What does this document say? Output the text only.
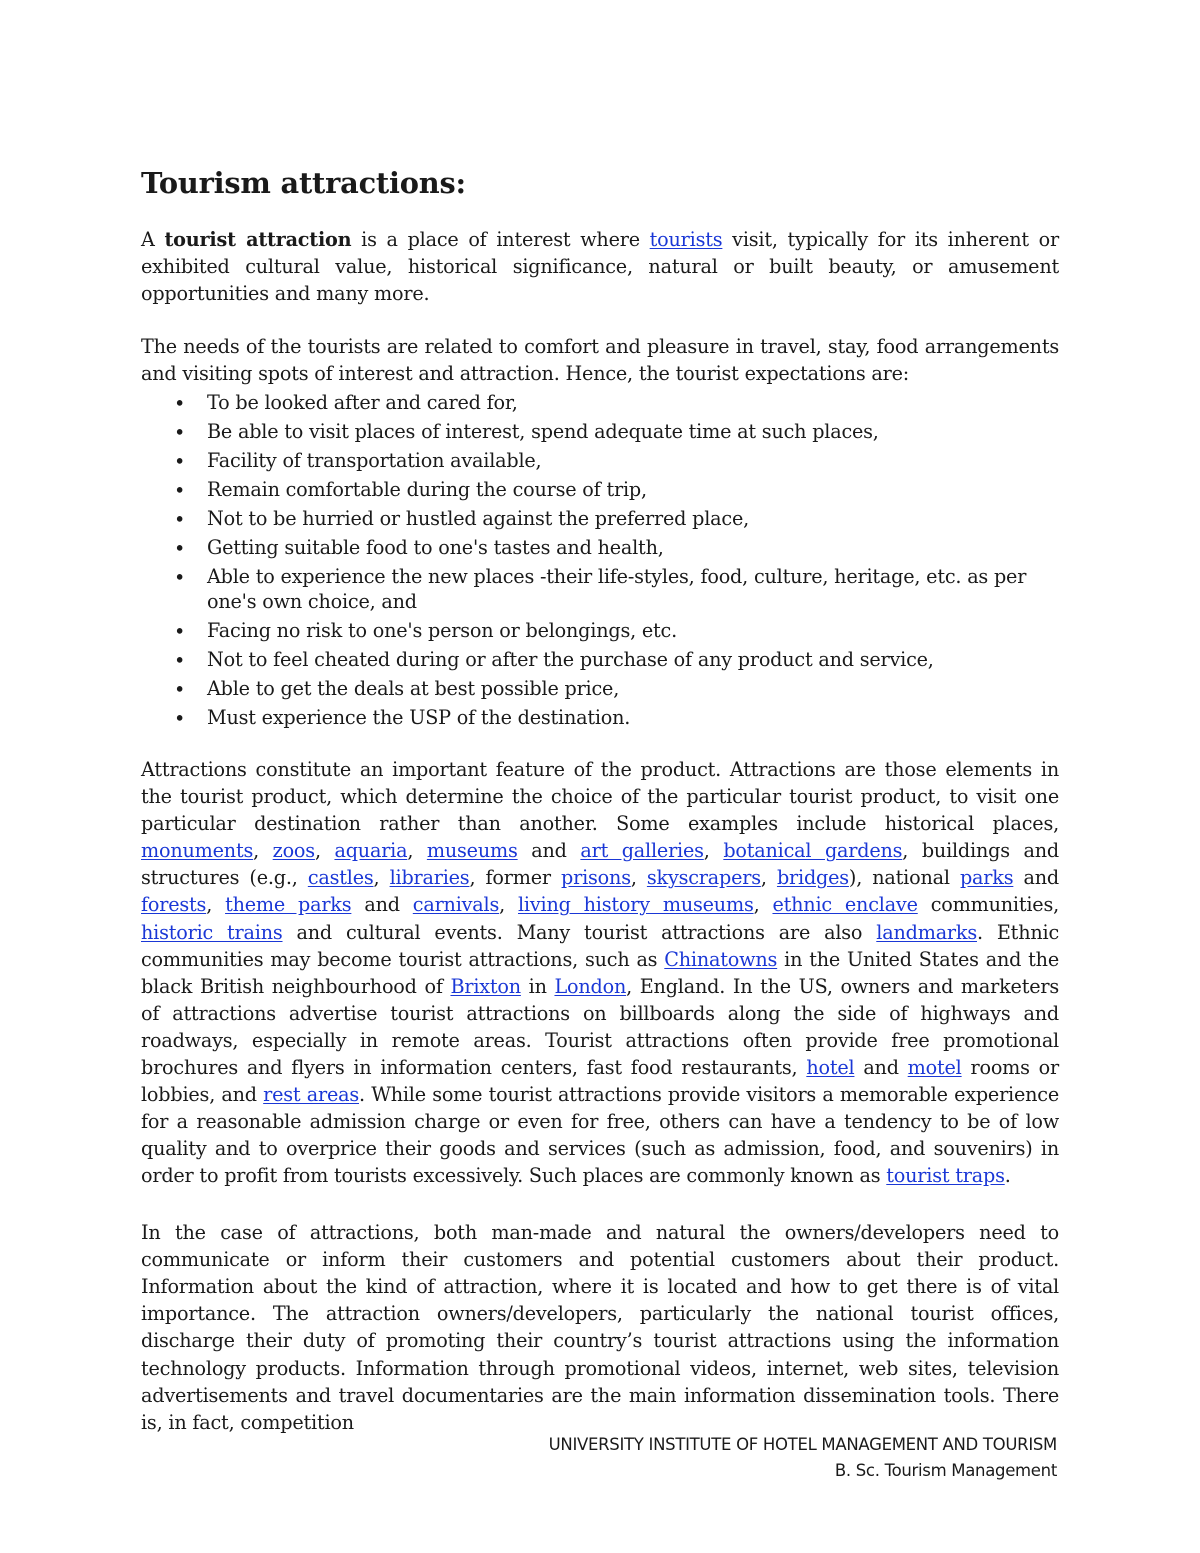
Tourism attractions:

A tourist attraction is a place of interest where tourists visit, typically for its inherent or exhibited cultural value, historical significance, natural or built beauty, or amusement opportunities and many more.

The needs of the tourists are related to comfort and pleasure in travel, stay, food arrangements and visiting spots of interest and attraction. Hence, the tourist expectations are:

• To be looked after and cared for,
• Be able to visit places of interest, spend adequate time at such places,
• Facility of transportation available,
• Remain comfortable during the course of trip,
• Not to be hurried or hustled against the preferred place,
• Getting suitable food to one's tastes and health,
• Able to experience the new places -their life-styles, food, culture, heritage, etc. as per one's own choice, and
• Facing no risk to one's person or belongings, etc.
• Not to feel cheated during or after the purchase of any product and service,
• Able to get the deals at best possible price,
• Must experience the USP of the destination.

Attractions constitute an important feature of the product. Attractions are those elements in the tourist product, which determine the choice of the particular tourist product, to visit one particular destination rather than another. Some examples include historical places, monuments, zoos, aquaria, museums and art galleries, botanical gardens, buildings and structures (e.g., castles, libraries, former prisons, skyscrapers, bridges), national parks and forests, theme parks and carnivals, living history museums, ethnic enclave communities, historic trains and cultural events. Many tourist attractions are also landmarks. Ethnic communities may become tourist attractions, such as Chinatowns in the United States and the black British neighbourhood of Brixton in London, England. In the US, owners and marketers of attractions advertise tourist attractions on billboards along the side of highways and roadways, especially in remote areas. Tourist attractions often provide free promotional brochures and flyers in information centers, fast food restaurants, hotel and motel rooms or lobbies, and rest areas. While some tourist attractions provide visitors a memorable experience for a reasonable admission charge or even for free, others can have a tendency to be of low quality and to overprice their goods and services (such as admission, food, and souvenirs) in order to profit from tourists excessively. Such places are commonly known as tourist traps.

In the case of attractions, both man-made and natural the owners/developers need to communicate or inform their customers and potential customers about their product. Information about the kind of attraction, where it is located and how to get there is of vital importance. The attraction owners/developers, particularly the national tourist offices, discharge their duty of promoting their country’s tourist attractions using the information technology products. Information through promotional videos, internet, web sites, television advertisements and travel documentaries are the main information dissemination tools. There is, in fact, competition

UNIVERSITY INSTITUTE OF HOTEL MANAGEMENT AND TOURISM
B. Sc. Tourism Management
